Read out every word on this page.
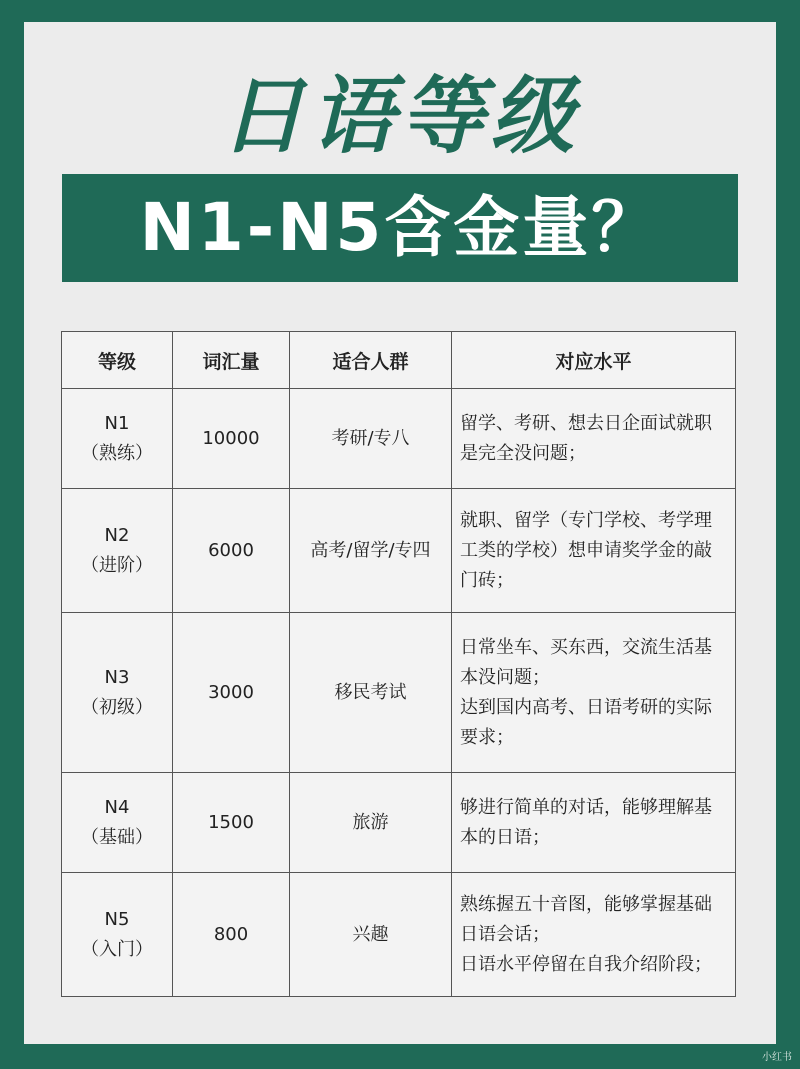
日语等级
N1-N5含金量？
等级	词汇量	适合人群	对应水平

N1
（熟练）	10000	考研/专八	留学、考研、想去日企面试就职
是完全没问题；

N2
（进阶）	6000	高考/留学/专四	就职、留学（专门学校、考学理
工类的学校）想申请奖学金的敲
门砖；

N3
（初级）	3000	移民考试	日常坐车、买东西，交流生活基
本没问题；
达到国内高考、日语考研的实际
要求；

N4
（基础）	1500	旅游	够进行简单的对话，能够理解基
本的日语；

N5
（入门）	800	兴趣	熟练握五十音图，能够掌握基础
日语会话；
日语水平停留在自我介绍阶段；
小红书
